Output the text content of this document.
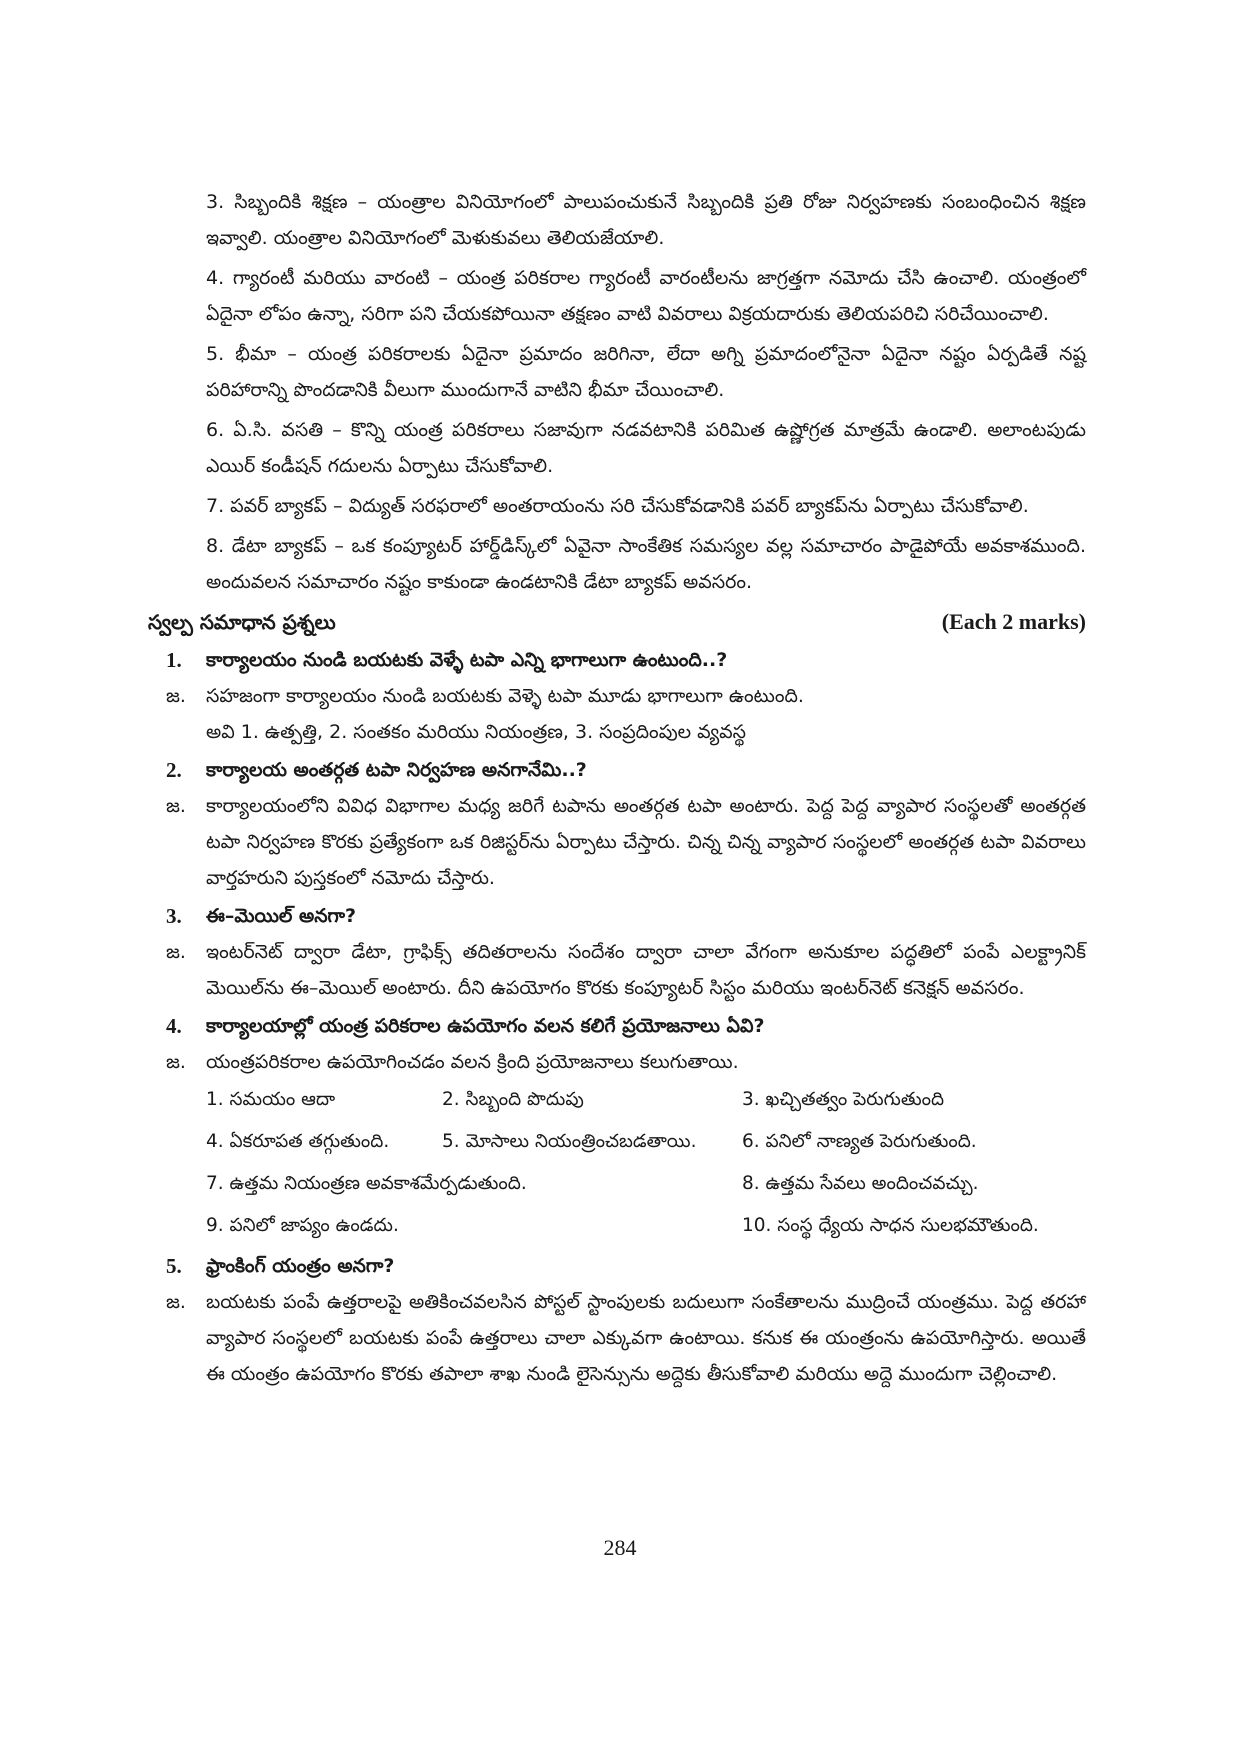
3. సిబ్బందికి శిక్షణ – యంత్రాల వినియోగంలో పాలుపంచుకునే సిబ్బందికి ప్రతి రోజు నిర్వహణకు సంబంధించిన శిక్షణ ఇవ్వాలి. యంత్రాల వినియోగంలో మెళుకువలు తెలియజేయాలి.
4. గ్యారంటీ మరియు వారంటి – యంత్ర పరికరాల గ్యారంటీ వారంటీలను జాగ్రత్తగా నమోదు చేసి ఉంచాలి. యంత్రంలో ఏదైనా లోపం ఉన్నా, సరిగా పని చేయకపోయినా తక్షణం వాటి వివరాలు విక్రయదారుకు తెలియపరిచి సరిచేయించాలి.
5. భీమా – యంత్ర పరికరాలకు ఏదైనా ప్రమాదం జరిగినా, లేదా అగ్ని ప్రమాదంలోనైనా ఏదైనా నష్టం ఏర్పడితే నష్ట పరిహారాన్ని పొందడానికి వీలుగా ముందుగానే వాటిని భీమా చేయించాలి.
6. ఏ.సి. వసతి – కొన్ని యంత్ర పరికరాలు సజావుగా నడవటానికి పరిమిత ఉష్ణోగ్రత మాత్రమే ఉండాలి. అలాంటపుడు ఎయిర్ కండీషన్ గదులను ఏర్పాటు చేసుకోవాలి.
7. పవర్ బ్యాకప్ – విద్యుత్ సరఫరాలో అంతరాయంను సరి చేసుకోవడానికి పవర్ బ్యాకప్‌ను ఏర్పాటు చేసుకోవాలి.
8. డేటా బ్యాకప్ – ఒక కంప్యూటర్ హార్డ్‌డిస్క్‌లో ఏవైనా సాంకేతిక సమస్యల వల్ల సమాచారం పాడైపోయే అవకాశముంది. అందువలన సమాచారం నష్టం కాకుండా ఉండటానికి డేటా బ్యాకప్ అవసరం.
స్వల్ప సమాధాన ప్రశ్నలు	(Each 2 marks)
1.	కార్యాలయం నుండి బయటకు వెళ్ళే టపా ఎన్ని భాగాలుగా ఉంటుంది..?
జ.	సహజంగా కార్యాలయం నుండి బయటకు వెళ్ళె టపా మూడు భాగాలుగా ఉంటుంది.
అవి 1. ఉత్పత్తి, 2. సంతకం మరియు నియంత్రణ, 3. సంప్రదింపుల వ్యవస్థ
2.	కార్యాలయ అంతర్గత టపా నిర్వహణ అనగానేమి..?
జ.	కార్యాలయంలోని వివిధ విభాగాల మధ్య జరిగే టపాను అంతర్గత టపా అంటారు. పెద్ద పెద్ద వ్యాపార సంస్థలతో అంతర్గత టపా నిర్వహణ కొరకు ప్రత్యేకంగా ఒక రిజిస్టర్‌ను ఏర్పాటు చేస్తారు. చిన్న చిన్న వ్యాపార సంస్థలలో అంతర్గత టపా వివరాలు వార్తహరుని పుస్తకంలో నమోదు చేస్తారు.
3.	ఈ–మెయిల్ అనగా?
జ.	ఇంటర్‌నెట్ ద్వారా డేటా, గ్రాఫిక్స్ తదితరాలను సందేశం ద్వారా చాలా వేగంగా అనుకూల పద్ధతిలో పంపే ఎలక్ట్రానిక్ మెయిల్‌ను ఈ–మెయిల్ అంటారు. దీని ఉపయోగం కొరకు కంప్యూటర్ సిస్టం మరియు ఇంటర్‌నెట్ కనెక్షన్ అవసరం.
4.	కార్యాలయాల్లో యంత్ర పరికరాల ఉపయోగం వలన కలిగే ప్రయోజనాలు ఏవి?
జ.	యంత్రపరికరాల ఉపయోగించడం వలన క్రింది ప్రయోజనాలు కలుగుతాయి.
1. సమయం ఆదా	2. సిబ్బంది పొదుపు	3. ఖచ్చితత్వం పెరుగుతుంది
4. ఏకరూపత తగ్గుతుంది.	5. మోసాలు నియంత్రించబడతాయి.	6. పనిలో నాణ్యత పెరుగుతుంది.
7. ఉత్తమ నియంత్రణ అవకాశమేర్పడుతుంది.	8. ఉత్తమ సేవలు అందించవచ్చు.
9. పనిలో జాప్యం ఉండదు.	10. సంస్థ ధ్యేయ సాధన సులభమౌతుంది.
5.	ఫ్రాంకింగ్ యంత్రం అనగా?
జ.	బయటకు పంపే ఉత్తరాలపై అతికించవలసిన పోస్టల్ స్టాంపులకు బదులుగా సంకేతాలను ముద్రించే యంత్రము. పెద్ద తరహా వ్యాపార సంస్థలలో బయటకు పంపే ఉత్తరాలు చాలా ఎక్కువగా ఉంటాయి. కనుక ఈ యంత్రంను ఉపయోగిస్తారు. అయితే ఈ యంత్రం ఉపయోగం కొరకు తపాలా శాఖ నుండి లైసెన్సును అద్దెకు తీసుకోవాలి మరియు అద్దె ముందుగా చెల్లించాలి.
284
